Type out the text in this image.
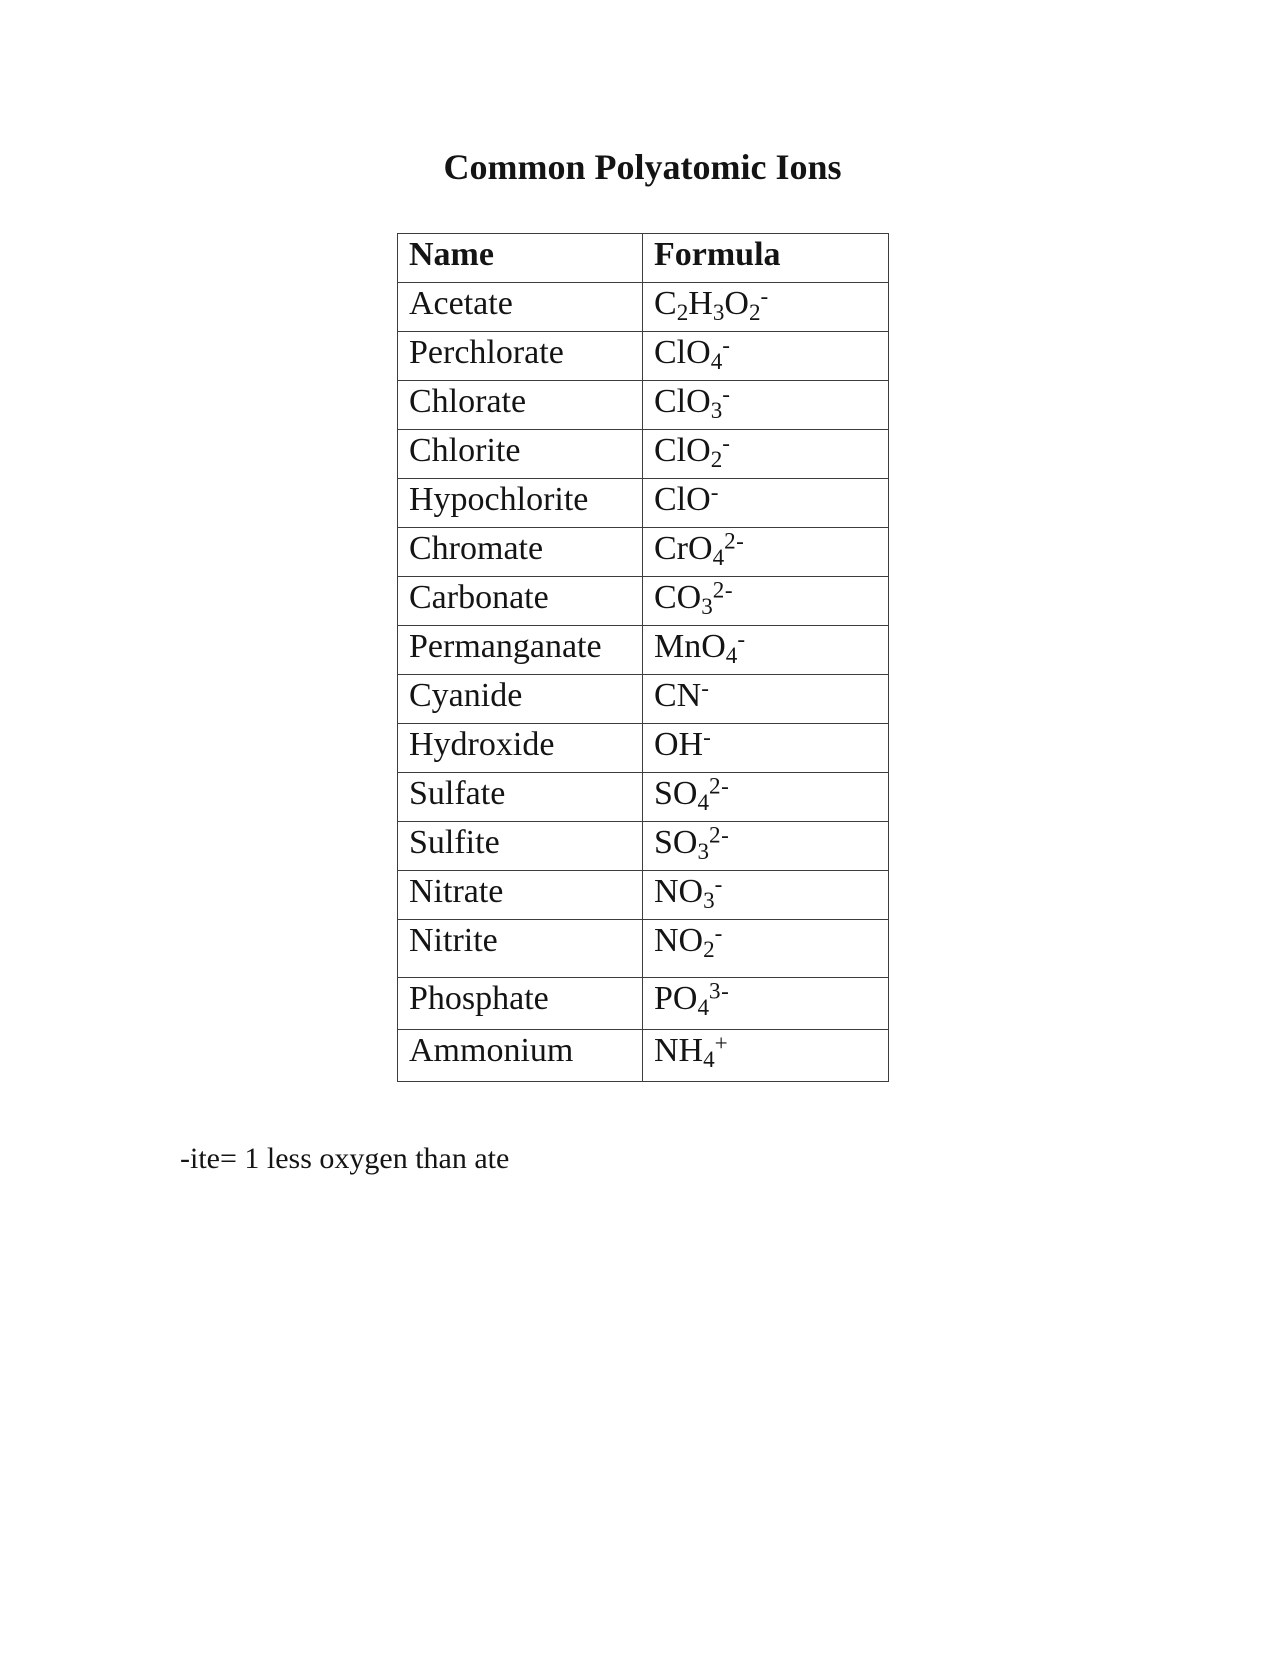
Common Polyatomic Ions
Name	Formula
Acetate	$C_2H_3O_2^-$
Perchlorate	ClO$_4$-
Chlorate	ClO$_3$-
Chlorite	ClO$_2$-
Hypochlorite	ClO-
Chromate	CrO$_4^{2-}$
Carbonate	$CO_3^{2-}$
Permanganate	MnO$_4$-
Cyanide	CN-
Hydroxide	OH-
Sulfate	$SO_4^{2-}$
Sulfite	$SO_3^{2-}$
Nitrate	$NO_3^-$
Nitrite	$NO_2^-$
Phosphate	$PO_4^{3-}$
Ammonium	$NH_4^+$

-ite= 1 less oxygen than ate
